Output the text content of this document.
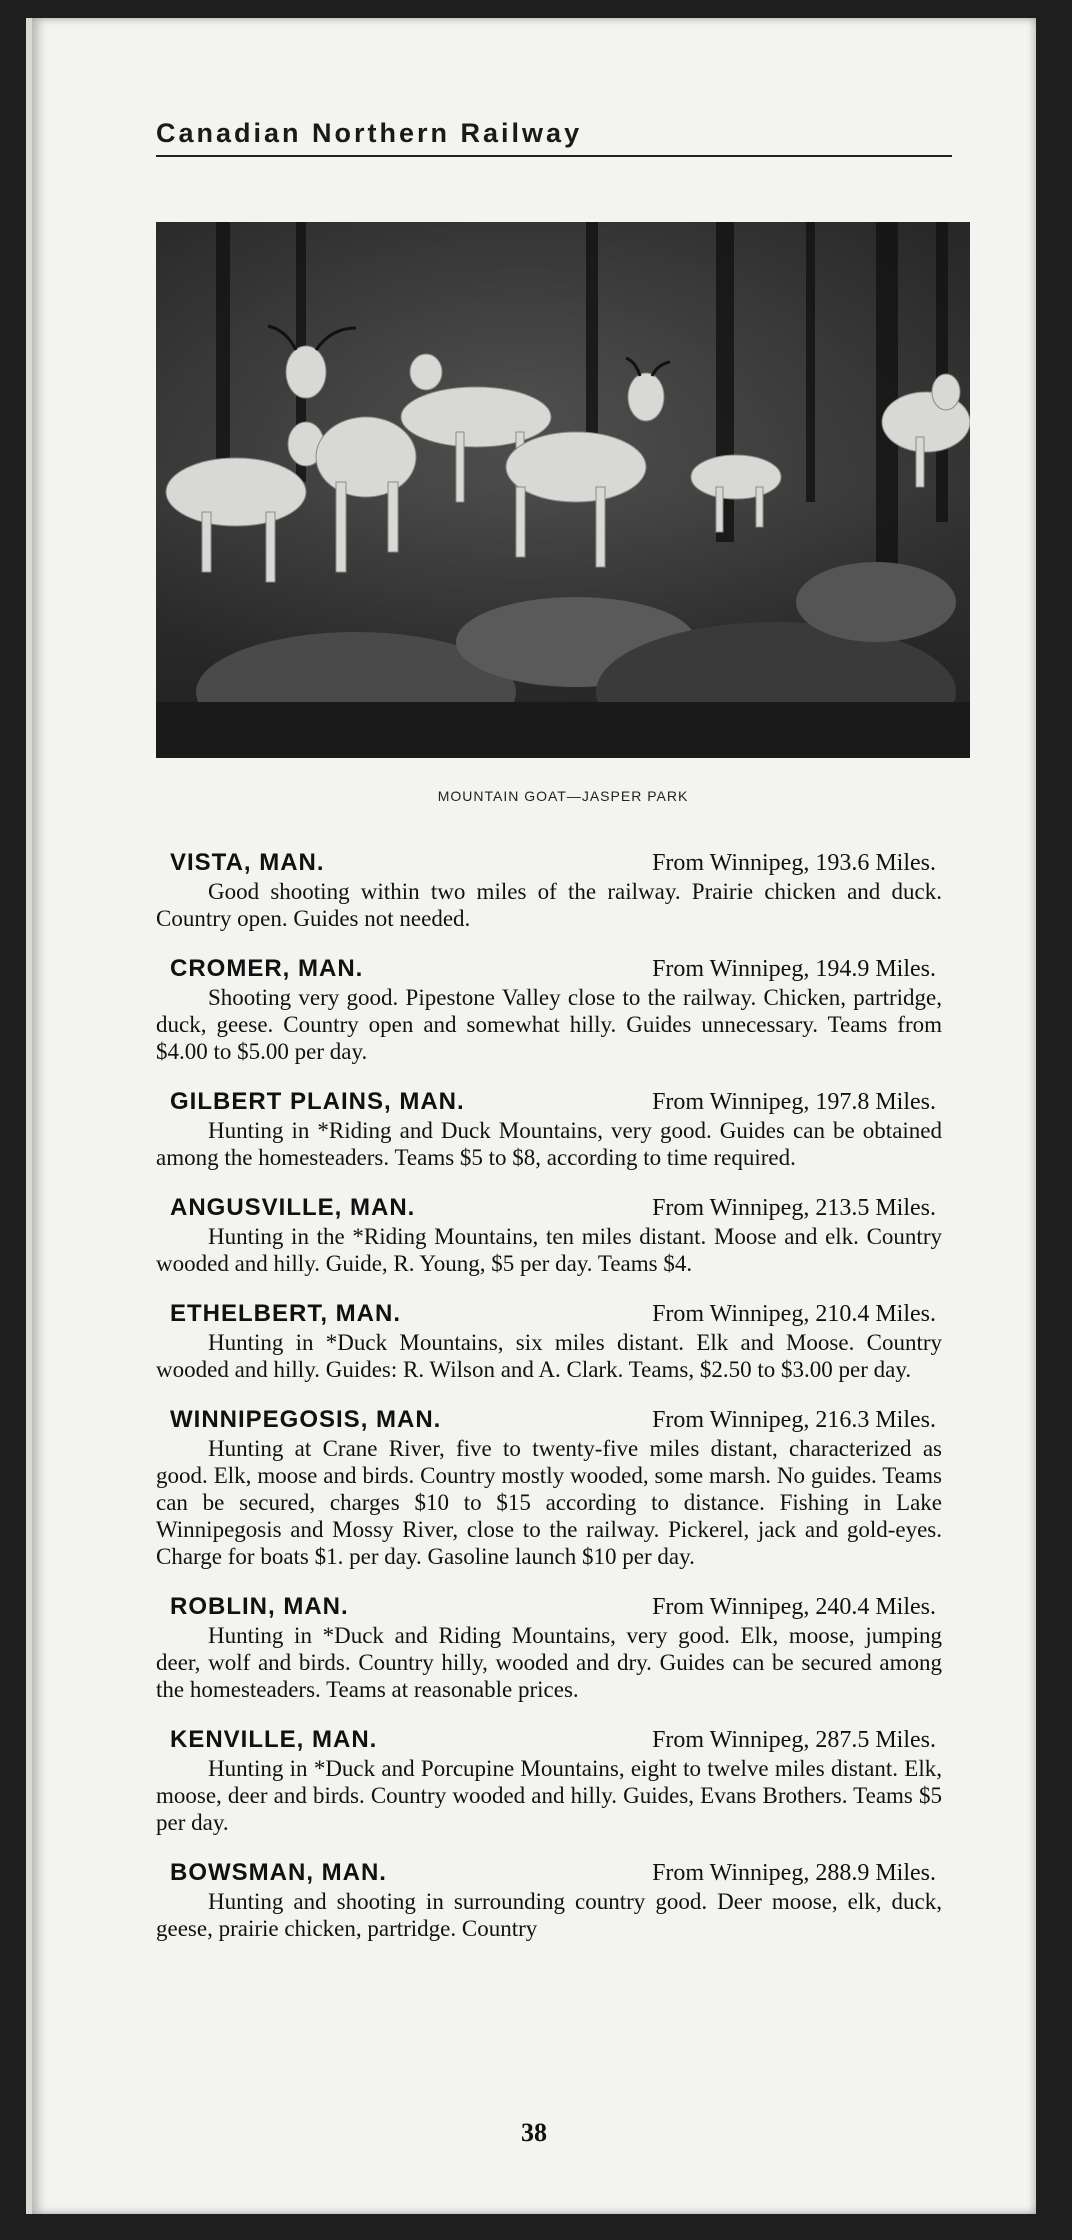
Canadian Northern Railway
MOUNTAIN GOAT—JASPER PARK
VISTA, MAN.	From Winnipeg, 193.6 Miles.
Good shooting within two miles of the railway. Prairie chicken and duck. Country open. Guides not needed.
CROMER, MAN.	From Winnipeg, 194.9 Miles.
Shooting very good. Pipestone Valley close to the railway. Chicken, partridge, duck, geese. Country open and somewhat hilly. Guides unnecessary. Teams from $4.00 to $5.00 per day.
GILBERT PLAINS, MAN.	From Winnipeg, 197.8 Miles.
Hunting in *Riding and Duck Mountains, very good. Guides can be obtained among the homesteaders. Teams $5 to $8, according to time required.
ANGUSVILLE, MAN.	From Winnipeg, 213.5 Miles.
Hunting in the *Riding Mountains, ten miles distant. Moose and elk. Country wooded and hilly. Guide, R. Young, $5 per day. Teams $4.
ETHELBERT, MAN.	From Winnipeg, 210.4 Miles.
Hunting in *Duck Mountains, six miles distant. Elk and Moose. Country wooded and hilly. Guides: R. Wilson and A. Clark. Teams, $2.50 to $3.00 per day.
WINNIPEGOSIS, MAN.	From Winnipeg, 216.3 Miles.
Hunting at Crane River, five to twenty-five miles distant, characterized as good. Elk, moose and birds. Country mostly wooded, some marsh. No guides. Teams can be secured, charges $10 to $15 according to distance. Fishing in Lake Winnipegosis and Mossy River, close to the railway. Pickerel, jack and gold-eyes. Charge for boats $1. per day. Gasoline launch $10 per day.
ROBLIN, MAN.	From Winnipeg, 240.4 Miles.
Hunting in *Duck and Riding Mountains, very good. Elk, moose, jumping deer, wolf and birds. Country hilly, wooded and dry. Guides can be secured among the homesteaders. Teams at reasonable prices.
KENVILLE, MAN.	From Winnipeg, 287.5 Miles.
Hunting in *Duck and Porcupine Mountains, eight to twelve miles distant. Elk, moose, deer and birds. Country wooded and hilly. Guides, Evans Brothers. Teams $5 per day.
BOWSMAN, MAN.	From Winnipeg, 288.9 Miles.
Hunting and shooting in surrounding country good. Deer moose, elk, duck, geese, prairie chicken, partridge. Country
38
